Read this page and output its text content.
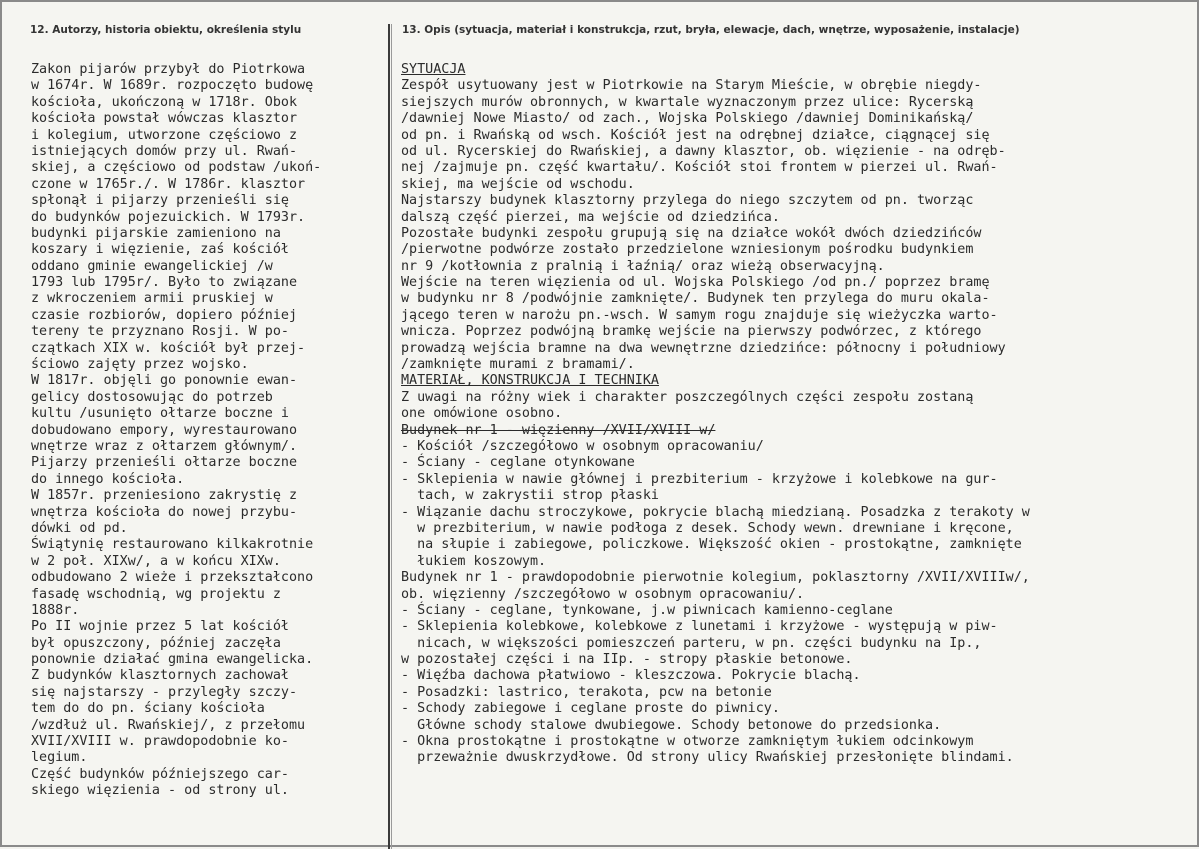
12. Autorzy, historia obiektu, określenia stylu	13. Opis (sytuacja, materiał i konstrukcja, rzut, bryła, elewacje, dach, wnętrze, wyposażenie, instalacje)
Zakon pijarów przybył do Piotrkowa
w 1674r. W 1689r. rozpoczęto budowę
kościoła, ukończoną w 1718r. Obok
kościoła powstał wówczas klasztor
i kolegium, utworzone częściowo z
istniejących domów przy ul. Rwań-
skiej, a częściowo od podstaw /ukoń-
czone w 1765r./. W 1786r. klasztor
spłonął i pijarzy przenieśli się
do budynków pojezuickich. W 1793r.
budynki pijarskie zamieniono na
koszary i więzienie, zaś kościół
oddano gminie ewangelickiej /w
1793 lub 1795r/. Było to związane
z wkroczeniem armii pruskiej w
czasie rozbiorów, dopiero później
tereny te przyznano Rosji. W po-
czątkach XIX w. kościół był przej-
ściowo zajęty przez wojsko.
W 1817r. objęli go ponownie ewan-
gelicy dostosowując do potrzeb
kultu /usunięto ołtarze boczne i
dobudowano empory, wyrestaurowano
wnętrze wraz z ołtarzem głównym/.
Pijarzy przenieśli ołtarze boczne
do innego kościoła.
W 1857r. przeniesiono zakrystię z
wnętrza kościoła do nowej przybu-
dówki od pd.
Świątynię restaurowano kilkakrotnie
w 2 poł. XIXw/, a w końcu XIXw.
odbudowano 2 wieże i przekształcono
fasadę wschodnią, wg projektu z
1888r.
Po II wojnie przez 5 lat kościół
był opuszczony, później zaczęła
ponownie działać gmina ewangelicka.
Z budynków klasztornych zachował
się najstarszy - przyległy szczy-
tem do do pn. ściany kościoła
/wzdłuż ul. Rwańskiej/, z przełomu
XVII/XVIII w. prawdopodobnie ko-
legium.
Część budynków późniejszego car-
skiego więzienia - od strony ul.
SYTUACJA
Zespół usytuowany jest w Piotrkowie na Starym Mieście, w obrębie niegdy-
siejszych murów obronnych, w kwartale wyznaczonym przez ulice: Rycerską
/dawniej Nowe Miasto/ od zach., Wojska Polskiego /dawniej Dominikańską/
od pn. i Rwańską od wsch. Kościół jest na odrębnej działce, ciągnącej się
od ul. Rycerskiej do Rwańskiej, a dawny klasztor, ob. więzienie - na odręb-
nej /zajmuje pn. część kwartału/. Kościół stoi frontem w pierzei ul. Rwań-
skiej, ma wejście od wschodu.
Najstarszy budynek klasztorny przylega do niego szczytem od pn. tworząc
dalszą część pierzei, ma wejście od dziedzińca.
Pozostałe budynki zespołu grupują się na działce wokół dwóch dziedzińców
/pierwotne podwórze zostało przedzielone wzniesionym pośrodku budynkiem
nr 9 /kotłownia z pralnią i łaźnią/ oraz wieżą obserwacyjną.
Wejście na teren więzienia od ul. Wojska Polskiego /od pn./ poprzez bramę
w budynku nr 8 /podwójnie zamknięte/. Budynek ten przylega do muru okala-
jącego teren w narożu pn.-wsch. W samym rogu znajduje się wieżyczka warto-
wnicza. Poprzez podwójną bramkę wejście na pierwszy podwórzec, z którego
prowadzą wejścia bramne na dwa wewnętrzne dziedzińce: północny i południowy
/zamknięte murami z bramami/.
MATERIAŁ, KONSTRUKCJA I TECHNIKA
Z uwagi na różny wiek i charakter poszczególnych części zespołu zostaną
one omówione osobno.
Budynek nr 1 - więzienny /XVII/XVIII w/
- Kościół /szczegółowo w osobnym opracowaniu/
- Ściany - ceglane otynkowane
- Sklepienia w nawie głównej i prezbiterium - krzyżowe i kolebkowe na gur-
tach, w zakrystii strop płaski
- Wiązanie dachu stroczykowe, pokrycie blachą miedzianą. Posadzka z terakoty w
w prezbiterium, w nawie podłoga z desek. Schody wewn. drewniane i kręcone,
na słupie i zabiegowe, policzkowe. Większość okien - prostokątne, zamknięte
łukiem koszowym.
Budynek nr 1 - prawdopodobnie pierwotnie kolegium, poklasztorny /XVII/XVIIIw/,
ob. więzienny /szczegółowo w osobnym opracowaniu/.
- Ściany - ceglane, tynkowane, j.w piwnicach kamienno-ceglane
- Sklepienia kolebkowe, kolebkowe z lunetami i krzyżowe - występują w piw-
nicach, w większości pomieszczeń parteru, w pn. części budynku na Ip.,
w pozostałej części i na IIp. - stropy płaskie betonowe.
- Więźba dachowa płatwiowo - kleszczowa. Pokrycie blachą.
- Posadzki: lastrico, terakota, pcw na betonie
- Schody zabiegowe i ceglane proste do piwnicy.
Główne schody stalowe dwubiegowe. Schody betonowe do przedsionka.
- Okna prostokątne i prostokątne w otworze zamkniętym łukiem odcinkowym
przeważnie dwuskrzydłowe. Od strony ulicy Rwańskiej przesłonięte blindami.
